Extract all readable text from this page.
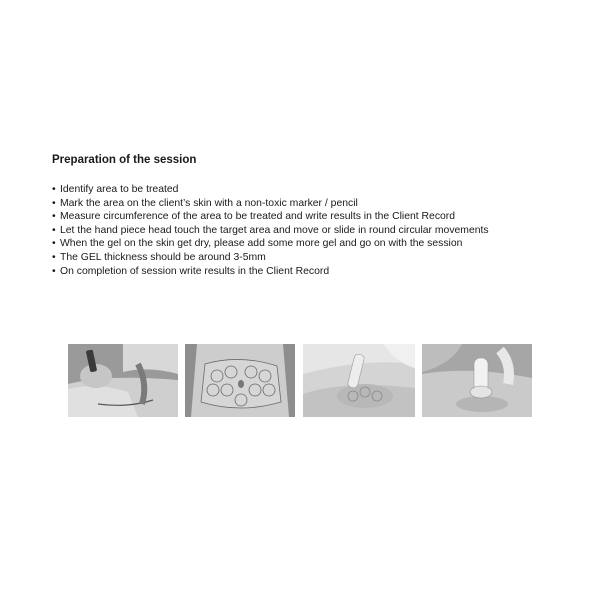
Preparation of the session
• Identify area to be treated
• Mark the area on the client’s skin with a non-toxic marker / pencil
• Measure circumference of the area to be treated and write results in the Client Record
• Let the hand piece head touch the target area and move or slide in round circular movements
• When the gel on the skin get dry, please add some more gel and go on with the session
• The GEL thickness should be around 3-5mm
• On completion of session write results in the Client Record
